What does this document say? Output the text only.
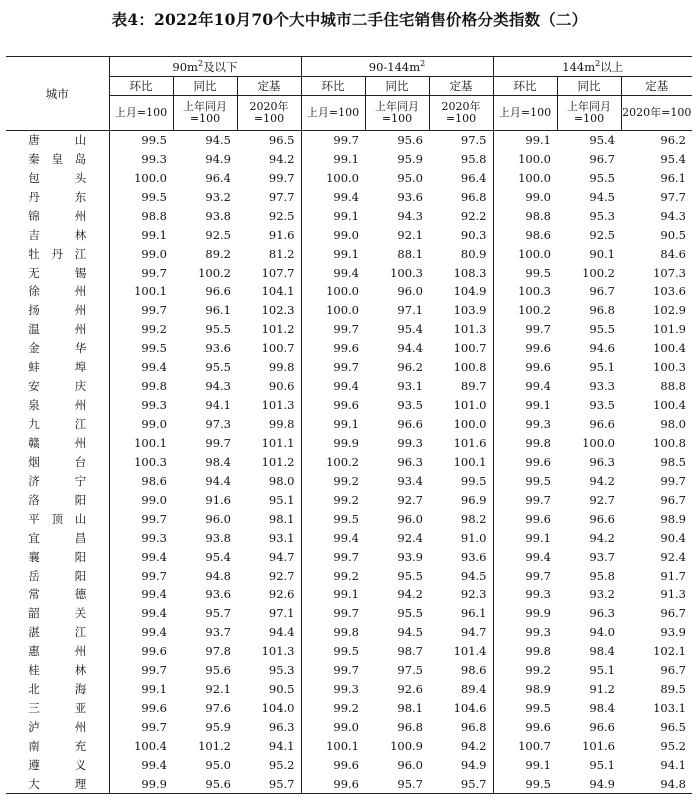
表4：2022年10月70个大中城市二手住宅销售价格分类指数（二）
城市	$90m^2$及以下			$90-144m^2$			$144m^2$以上		
	环比	同比	定基	环比	同比	定基	环比	同比	定基
	上月=100	上年同月=100	2020年=100	上月=100	上年同月=100	2020年=100	上月=100	上年同月=100	2020年=100
唐山	99.5	94.5	96.5	99.7	95.6	97.5	99.1	95.4	96.2
秦皇岛	99.3	94.9	94.2	99.1	95.9	95.8	100.0	96.7	95.4
包头	100.0	96.4	99.7	100.0	95.0	96.4	100.0	95.5	96.1
丹东	99.5	93.2	97.7	99.4	93.6	96.8	99.0	94.5	97.7
锦州	98.8	93.8	92.5	99.1	94.3	92.2	98.8	95.3	94.3
吉林	99.1	92.5	91.6	99.0	92.1	90.3	98.6	92.5	90.5
牡丹江	99.0	89.2	81.2	99.1	88.1	80.9	100.0	90.1	84.6
无锡	99.7	100.2	107.7	99.4	100.3	108.3	99.5	100.2	107.3
徐州	100.1	96.6	104.1	100.0	96.0	104.9	100.3	96.7	103.6
扬州	99.7	96.1	102.3	100.0	97.1	103.9	100.2	96.8	102.9
温州	99.2	95.5	101.2	99.7	95.4	101.3	99.7	95.5	101.9
金华	99.5	93.6	100.7	99.6	94.4	100.7	99.6	94.6	100.4
蚌埠	99.4	95.5	99.8	99.7	96.2	100.8	99.6	95.1	100.3
安庆	99.8	94.3	90.6	99.4	93.1	89.7	99.4	93.3	88.8
泉州	99.3	94.1	101.3	99.6	93.5	101.0	99.1	93.5	100.4
九江	99.0	97.3	99.8	99.1	96.6	100.0	99.3	96.6	98.0
赣州	100.1	99.7	101.1	99.9	99.3	101.6	99.8	100.0	100.8
烟台	100.3	98.4	101.2	100.2	96.3	100.1	99.6	96.3	98.5
济宁	98.6	94.4	98.0	99.2	93.4	99.5	99.5	94.2	99.7
洛阳	99.0	91.6	95.1	99.2	92.7	96.9	99.7	92.7	96.7
平顶山	99.7	96.0	98.1	99.5	96.0	98.2	99.6	96.6	98.9
宜昌	99.3	93.8	93.1	99.4	92.4	91.0	99.1	94.2	90.4
襄阳	99.4	95.4	94.7	99.7	93.9	93.6	99.4	93.7	92.4
岳阳	99.7	94.8	92.7	99.2	95.5	94.5	99.7	95.8	91.7
常德	99.4	93.6	92.6	99.1	94.2	92.3	99.3	93.2	91.3
韶关	99.4	95.7	97.1	99.7	95.5	96.1	99.9	96.3	96.7
湛江	99.4	93.7	94.4	99.8	94.5	94.7	99.3	94.0	93.9
惠州	99.6	97.8	101.3	99.5	98.7	101.4	99.8	98.4	102.1
桂林	99.7	95.6	95.3	99.7	97.5	98.6	99.2	95.1	96.7
北海	99.1	92.1	90.5	99.3	92.6	89.4	98.9	91.2	89.5
三亚	99.6	97.6	104.0	99.2	98.1	104.6	99.5	98.4	103.1
泸州	99.7	95.9	96.3	99.0	96.8	96.8	99.6	96.6	96.5
南充	100.4	101.2	94.1	100.1	100.9	94.2	100.7	101.6	95.2
遵义	99.4	95.0	95.2	99.6	96.0	94.9	99.1	95.1	94.1
大理	99.9	95.6	95.7	99.6	95.7	95.7	99.5	94.9	94.8
